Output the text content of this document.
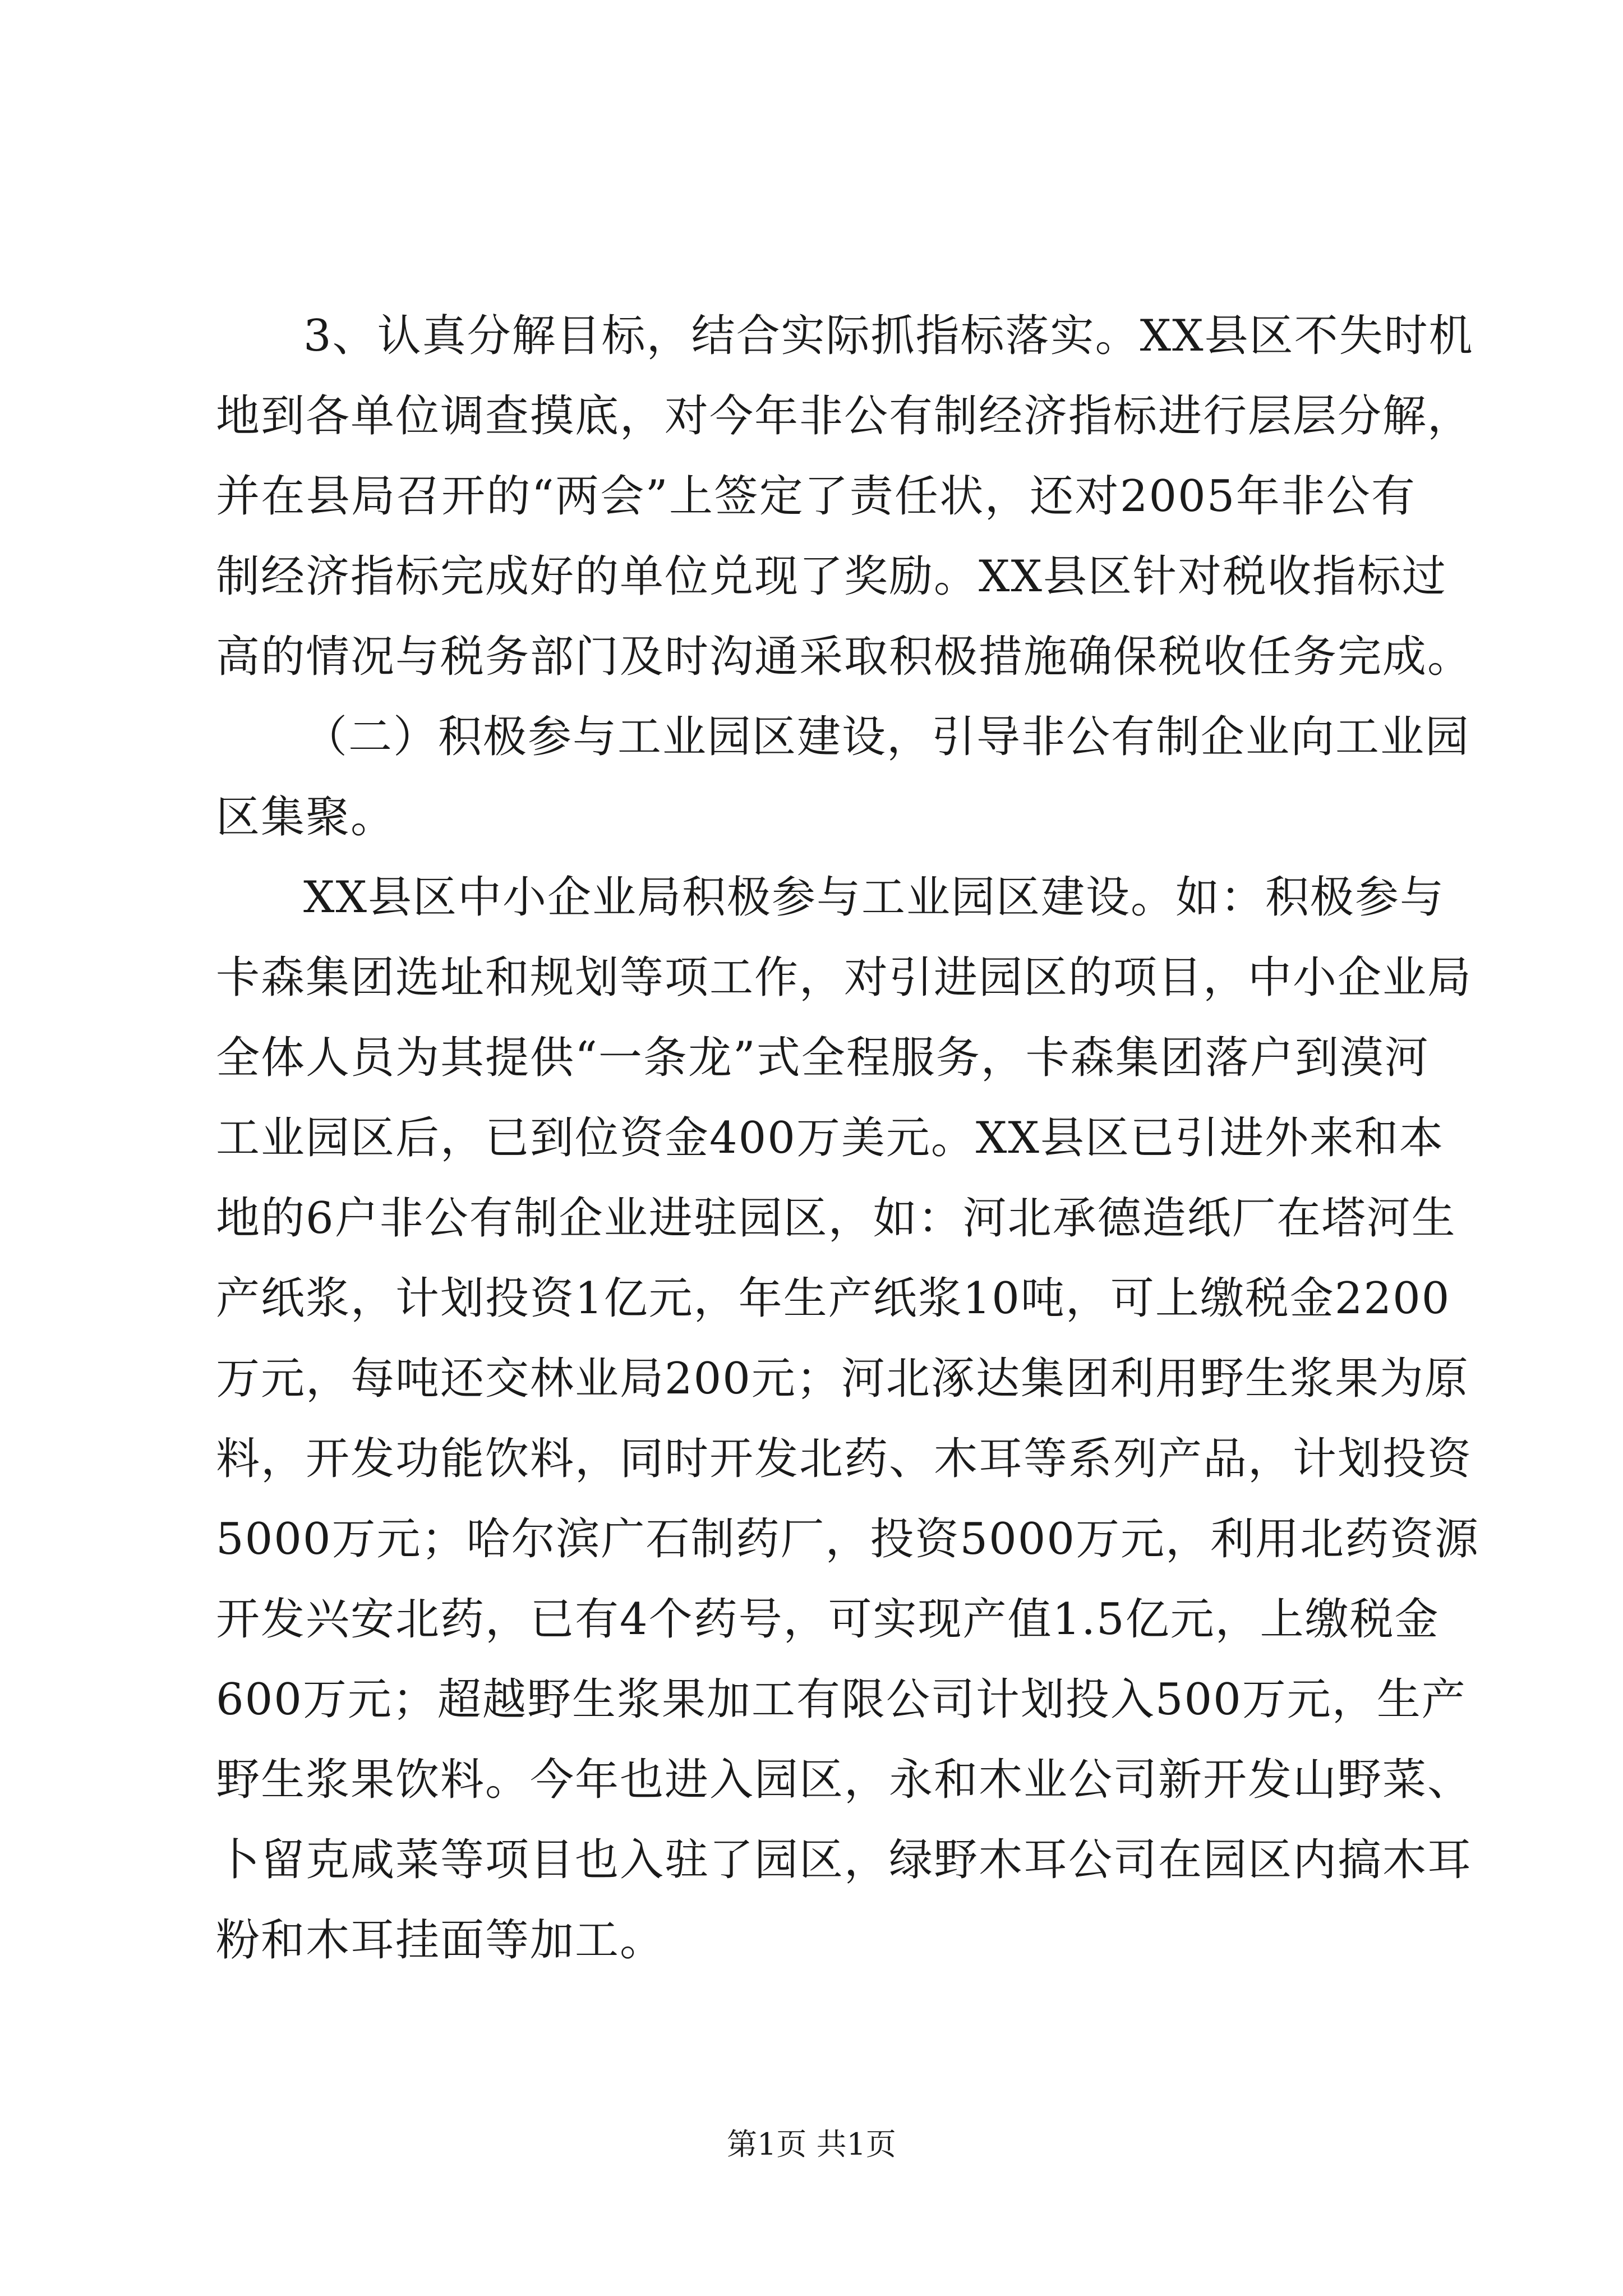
3、认真分解目标，结合实际抓指标落实。XX县区不失时机
地到各单位调查摸底，对今年非公有制经济指标进行层层分解，
并在县局召开的“两会”上签定了责任状，还对2005年非公有
制经济指标完成好的单位兑现了奖励。XX县区针对税收指标过
高的情况与税务部门及时沟通采取积极措施确保税收任务完成。
（二）积极参与工业园区建设，引导非公有制企业向工业园
区集聚。
XX县区中小企业局积极参与工业园区建设。如：积极参与
卡森集团选址和规划等项工作，对引进园区的项目，中小企业局
全体人员为其提供“一条龙”式全程服务，卡森集团落户到漠河
工业园区后，已到位资金400万美元。XX县区已引进外来和本
地的6户非公有制企业进驻园区，如：河北承德造纸厂在塔河生
产纸浆，计划投资1亿元，年生产纸浆10吨，可上缴税金2200
万元，每吨还交林业局200元；河北涿达集团利用野生浆果为原
料，开发功能饮料，同时开发北药、木耳等系列产品，计划投资
5000万元；哈尔滨广石制药厂，投资5000万元，利用北药资源
开发兴安北药，已有4个药号，可实现产值1.5亿元，上缴税金
600万元；超越野生浆果加工有限公司计划投入500万元，生产
野生浆果饮料。今年也进入园区，永和木业公司新开发山野菜、
卜留克咸菜等项目也入驻了园区，绿野木耳公司在园区内搞木耳
粉和木耳挂面等加工。
第1页 共1页
